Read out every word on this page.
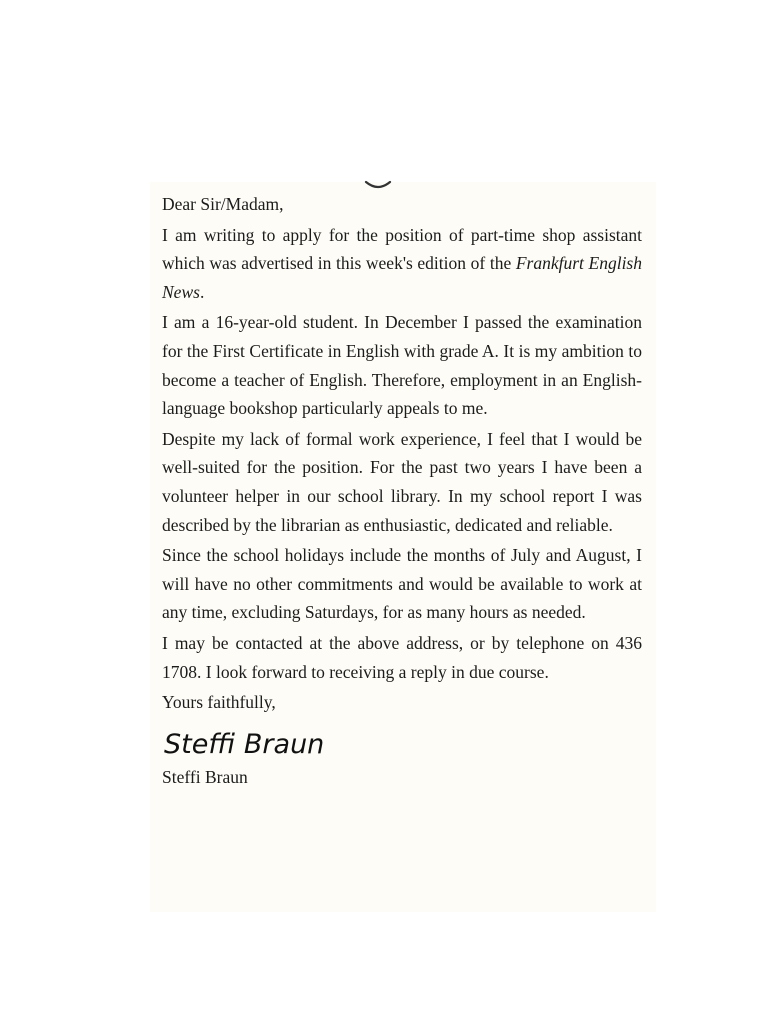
Dear Sir/Madam,

I am writing to apply for the position of part-time shop assistant which was advertised in this week's edition of the Frankfurt English News.

I am a 16-year-old student. In December I passed the examination for the First Certificate in English with grade A. It is my ambition to become a teacher of English. Therefore, employment in an English-language bookshop particularly appeals to me.

Despite my lack of formal work experience, I feel that I would be well-suited for the position. For the past two years I have been a volunteer helper in our school library. In my school report I was described by the librarian as enthusiastic, dedicated and reliable.

Since the school holidays include the months of July and August, I will have no other commitments and would be available to work at any time, excluding Saturdays, for as many hours as needed.

I may be contacted at the above address, or by telephone on 436 1708. I look forward to receiving a reply in due course.

Yours faithfully,

Steffi Braun

Steffi Braun
